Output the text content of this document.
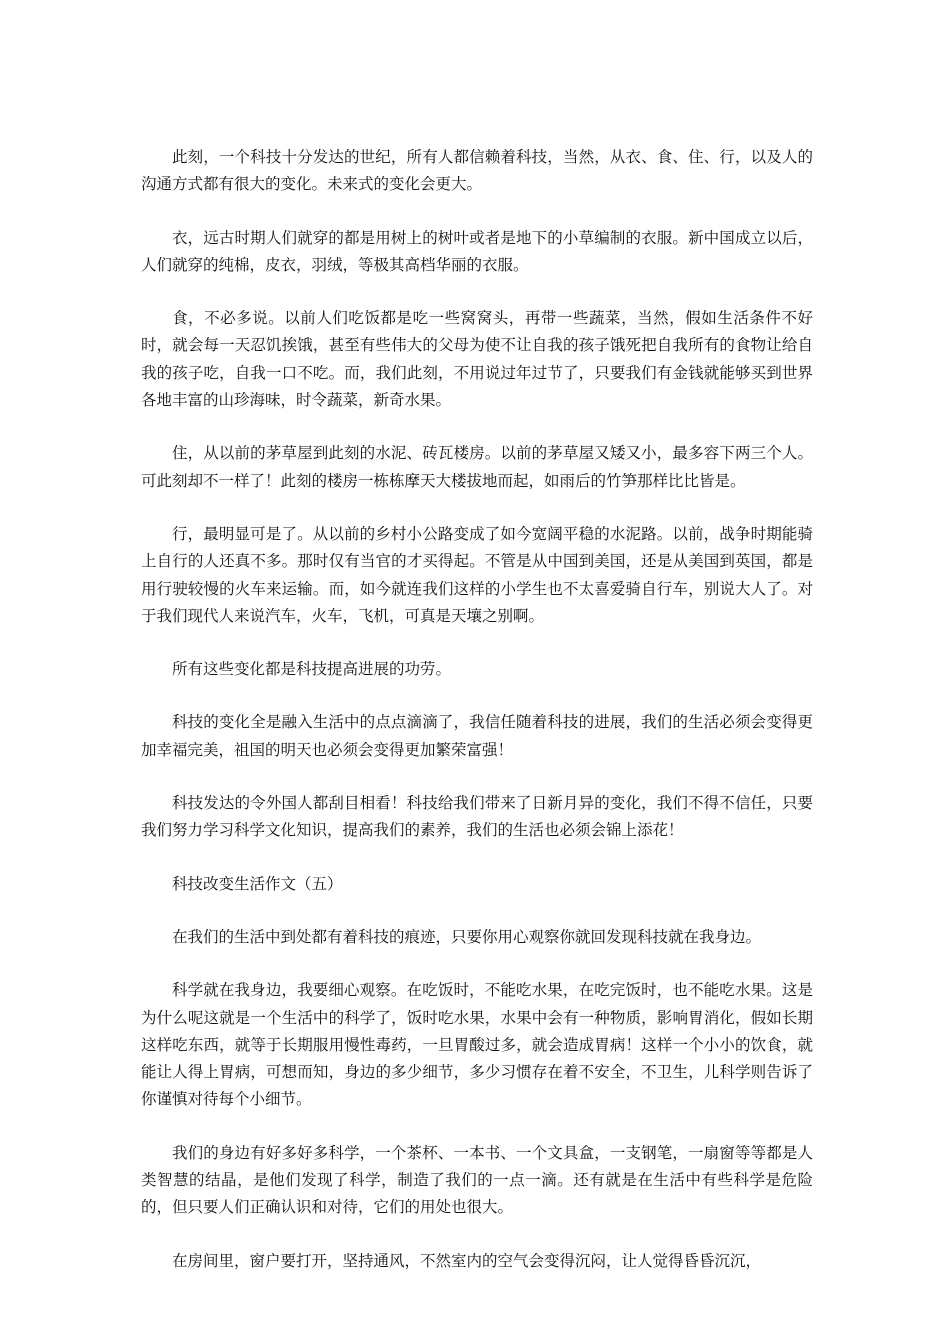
此刻，一个科技十分发达的世纪，所有人都信赖着科技，当然，从衣、食、住、行，以及人的沟通方式都有很大的变化。未来式的变化会更大。

衣，远古时期人们就穿的都是用树上的树叶或者是地下的小草编制的衣服。新中国成立以后，人们就穿的纯棉，皮衣，羽绒，等极其高档华丽的衣服。

食，不必多说。以前人们吃饭都是吃一些窝窝头，再带一些蔬菜，当然，假如生活条件不好时，就会每一天忍饥挨饿，甚至有些伟大的父母为使不让自我的孩子饿死把自我所有的食物让给自我的孩子吃，自我一口不吃。而，我们此刻，不用说过年过节了，只要我们有金钱就能够买到世界各地丰富的山珍海味，时令蔬菜，新奇水果。

住，从以前的茅草屋到此刻的水泥、砖瓦楼房。以前的茅草屋又矮又小，最多容下两三个人。可此刻却不一样了！此刻的楼房一栋栋摩天大楼拔地而起，如雨后的竹笋那样比比皆是。

行，最明显可是了。从以前的乡村小公路变成了如今宽阔平稳的水泥路。以前，战争时期能骑上自行的人还真不多。那时仅有当官的才买得起。不管是从中国到美国，还是从美国到英国，都是用行驶较慢的火车来运输。而，如今就连我们这样的小学生也不太喜爱骑自行车，别说大人了。对于我们现代人来说汽车，火车，飞机，可真是天壤之别啊。

所有这些变化都是科技提高进展的功劳。

科技的变化全是融入生活中的点点滴滴了，我信任随着科技的进展，我们的生活必须会变得更加幸福完美，祖国的明天也必须会变得更加繁荣富强！

科技发达的令外国人都刮目相看！科技给我们带来了日新月异的变化，我们不得不信任，只要我们努力学习科学文化知识，提高我们的素养，我们的生活也必须会锦上添花！

科技改变生活作文（五）

在我们的生活中到处都有着科技的痕迹，只要你用心观察你就回发现科技就在我身边。

科学就在我身边，我要细心观察。在吃饭时，不能吃水果，在吃完饭时，也不能吃水果。这是为什么呢这就是一个生活中的科学了，饭时吃水果，水果中会有一种物质，影响胃消化，假如长期这样吃东西，就等于长期服用慢性毒药，一旦胃酸过多，就会造成胃病！这样一个小小的饮食，就能让人得上胃病，可想而知，身边的多少细节，多少习惯存在着不安全，不卫生，儿科学则告诉了你谨慎对待每个小细节。

我们的身边有好多好多科学，一个茶杯、一本书、一个文具盒，一支钢笔，一扇窗等等都是人类智慧的结晶，是他们发现了科学，制造了我们的一点一滴。还有就是在生活中有些科学是危险的，但只要人们正确认识和对待，它们的用处也很大。

在房间里，窗户要打开，坚持通风，不然室内的空气会变得沉闷，让人觉得昏昏沉沉，
